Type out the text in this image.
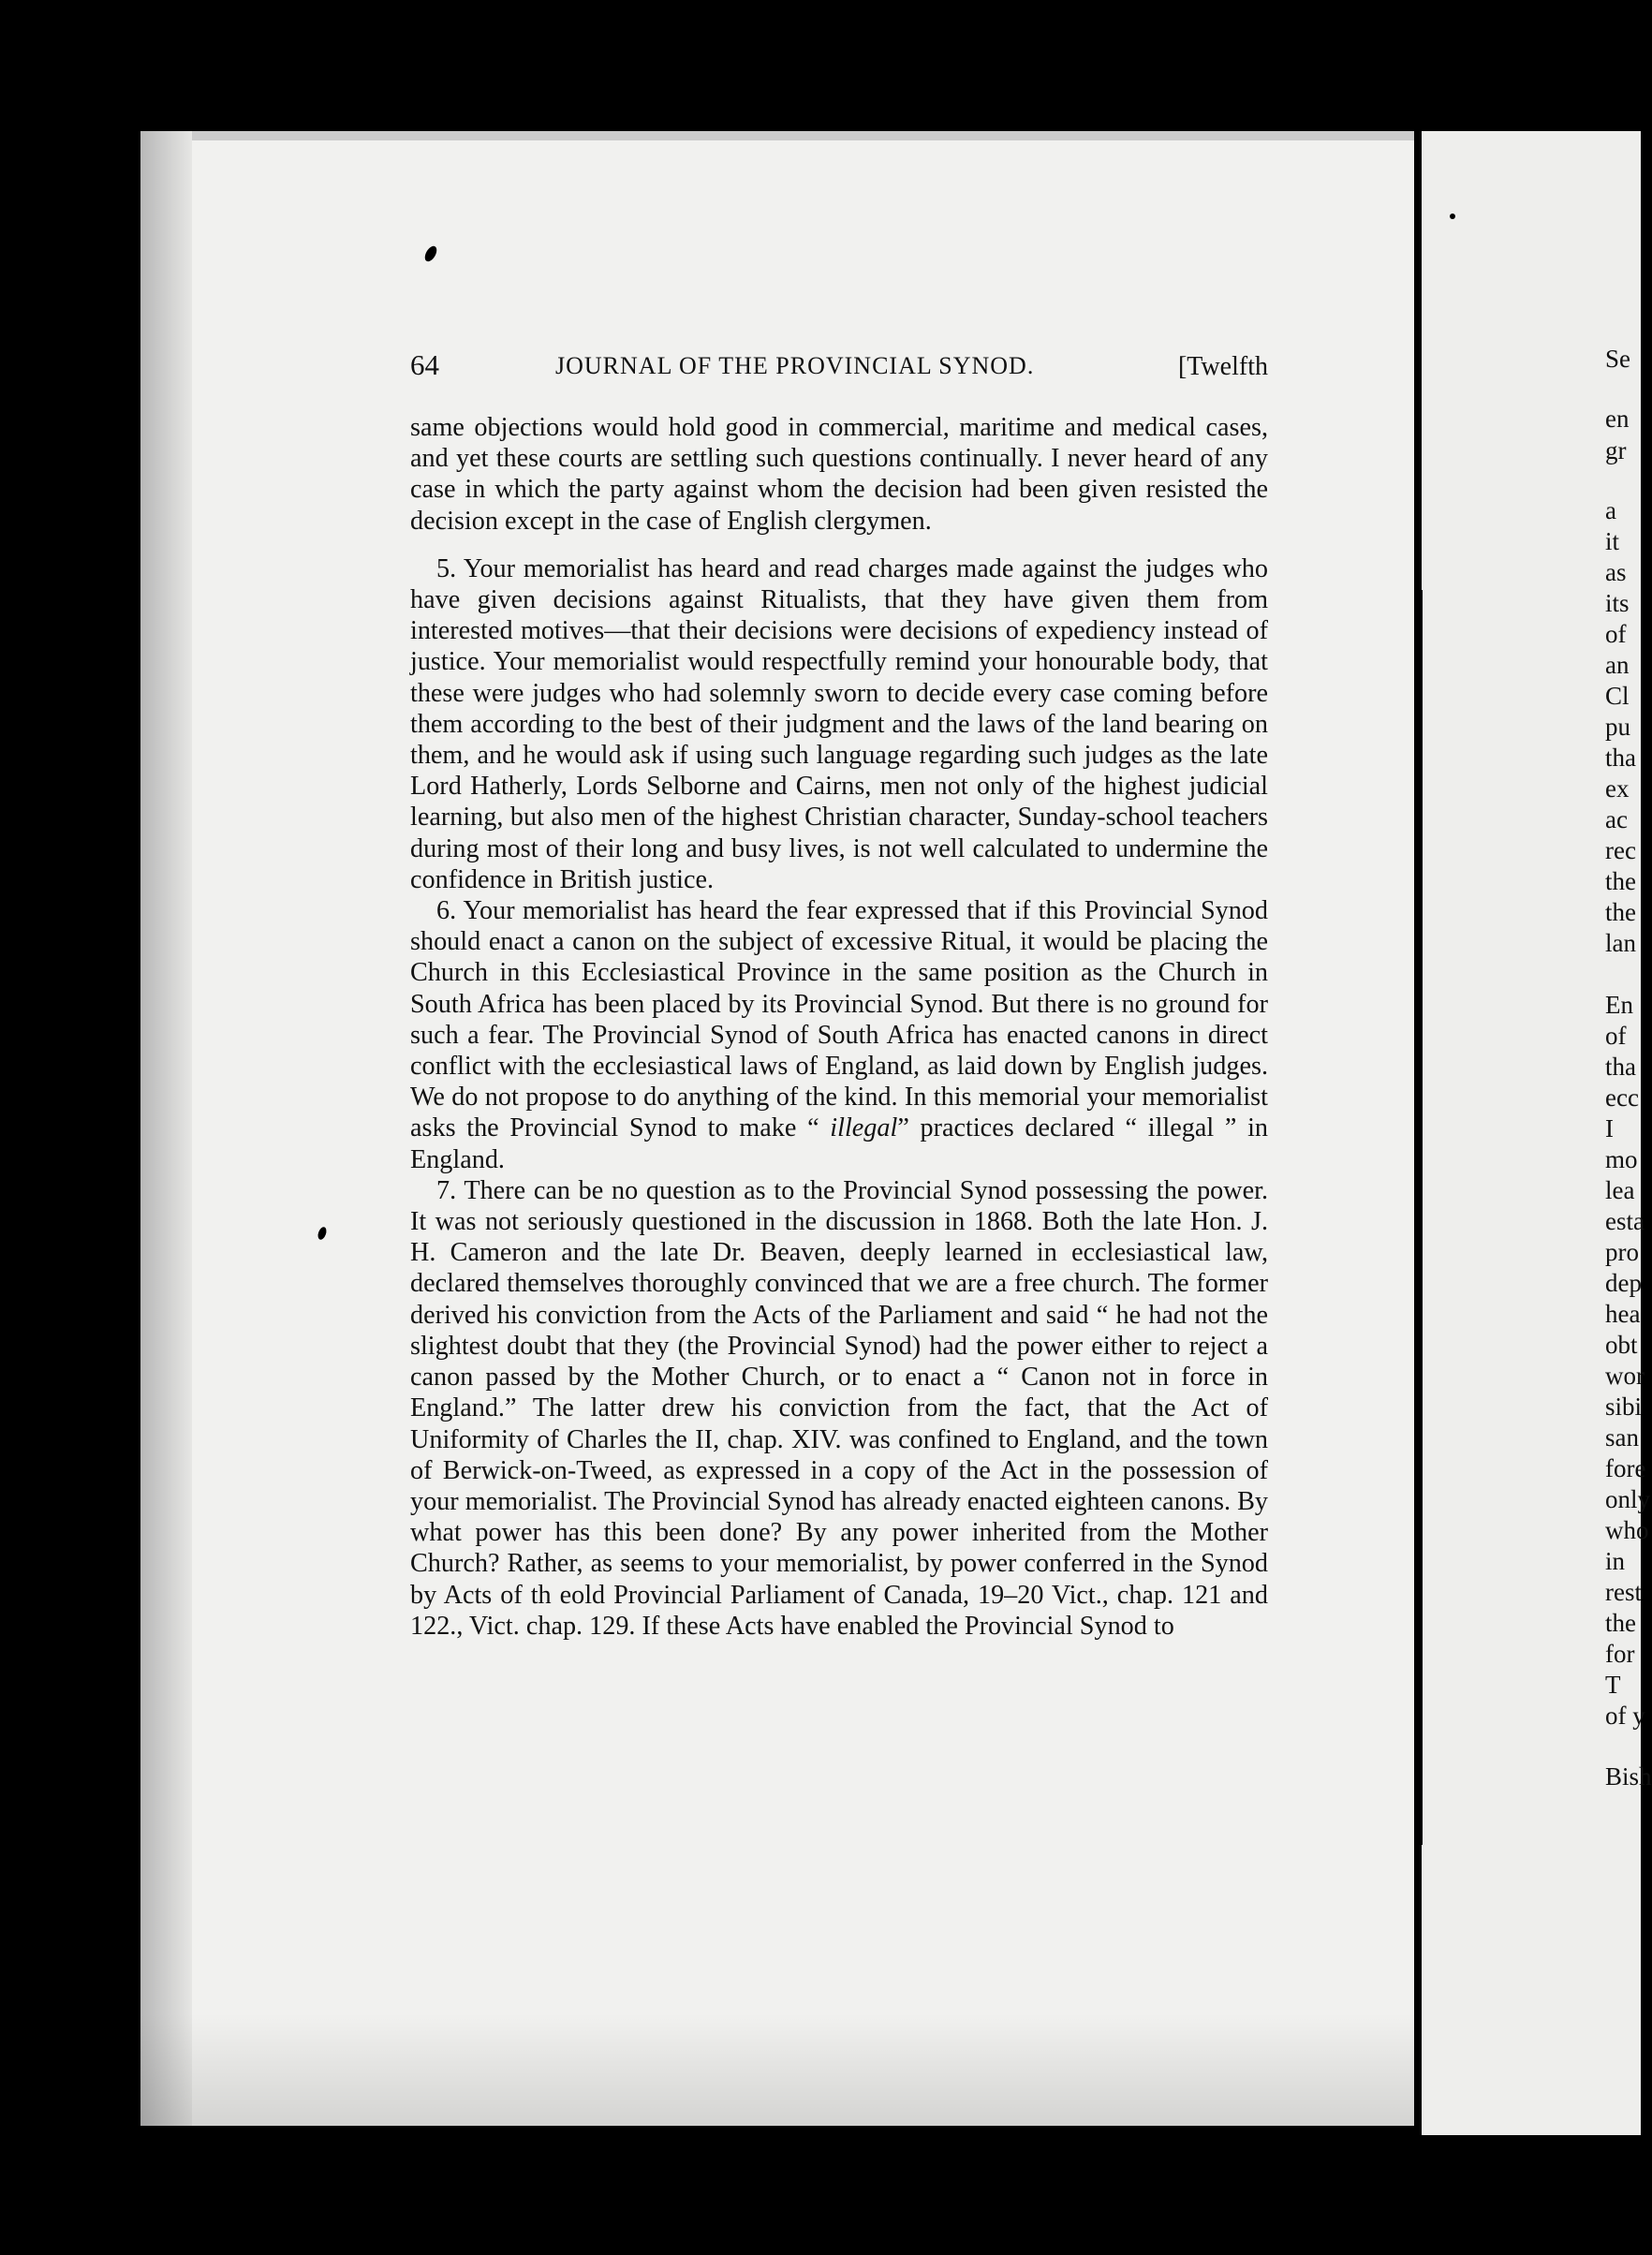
64	JOURNAL OF THE PROVINCIAL SYNOD.	[Twelfth

same objections would hold good in commercial, maritime and medical cases, and yet these courts are settling such questions continually. I never heard of any case in which the party against whom the decision had been given resisted the decision except in the case of English clergymen.

5. Your memorialist has heard and read charges made against the judges who have given decisions against Ritualists, that they have given them from interested motives—that their decisions were decisions of expediency instead of justice. Your memorialist would respectfully remind your honourable body, that these were judges who had solemnly sworn to decide every case coming before them according to the best of their judgment and the laws of the land bearing on them, and he would ask if using such language regarding such judges as the late Lord Hatherly, Lords Selborne and Cairns, men not only of the highest judicial learning, but also men of the highest Christian character, Sunday-school teachers during most of their long and busy lives, is not well calculated to undermine the confidence in British justice.

6. Your memorialist has heard the fear expressed that if this Provincial Synod should enact a canon on the subject of excessive Ritual, it would be placing the Church in this Ecclesiastical Province in the same position as the Church in South Africa has been placed by its Provincial Synod. But there is no ground for such a fear. The Provincial Synod of South Africa has enacted canons in direct conflict with the ecclesiastical laws of England, as laid down by English judges. We do not propose to do anything of the kind. In this memorial your memorialist asks the Provincial Synod to make “ illegal” practices declared “ illegal ” in England.

7. There can be no question as to the Provincial Synod possessing the power. It was not seriously questioned in the discussion in 1868. Both the late Hon. J. H. Cameron and the late Dr. Beaven, deeply learned in ecclesiastical law, declared themselves thoroughly convinced that we are a free church. The former derived his conviction from the Acts of the Parliament and said “ he had not the slightest doubt that they (the Provincial Synod) had the power either to reject a canon passed by the Mother Church, or to enact a “ Canon not in force in England.” The latter drew his conviction from the fact, that the Act of Uniformity of Charles the II, chap. XIV. was confined to England, and the town of Berwick-on-Tweed, as expressed in a copy of the Act in the possession of your memorialist. The Provincial Synod has already enacted eighteen canons. By what power has this been done? By any power inherited from the Mother Church? Rather, as seems to your memorialist, by power conferred in the Synod by Acts of th eold Provincial Parliament of Canada, 19–20 Vict., chap. 121 and 122., Vict. chap. 129. If these Acts have enabled the Provincial Synod to

Se
en
gr
a
it
as
its
of
an
Cl
pu
tha
ex
ac
rec
the
the
lan
En
of
tha
ecc
I
mo
lea
esta
pro
dep
hea
obt
wor
sibi
san
fore
only
who
in
rest
the
for
T
of y
Bish
